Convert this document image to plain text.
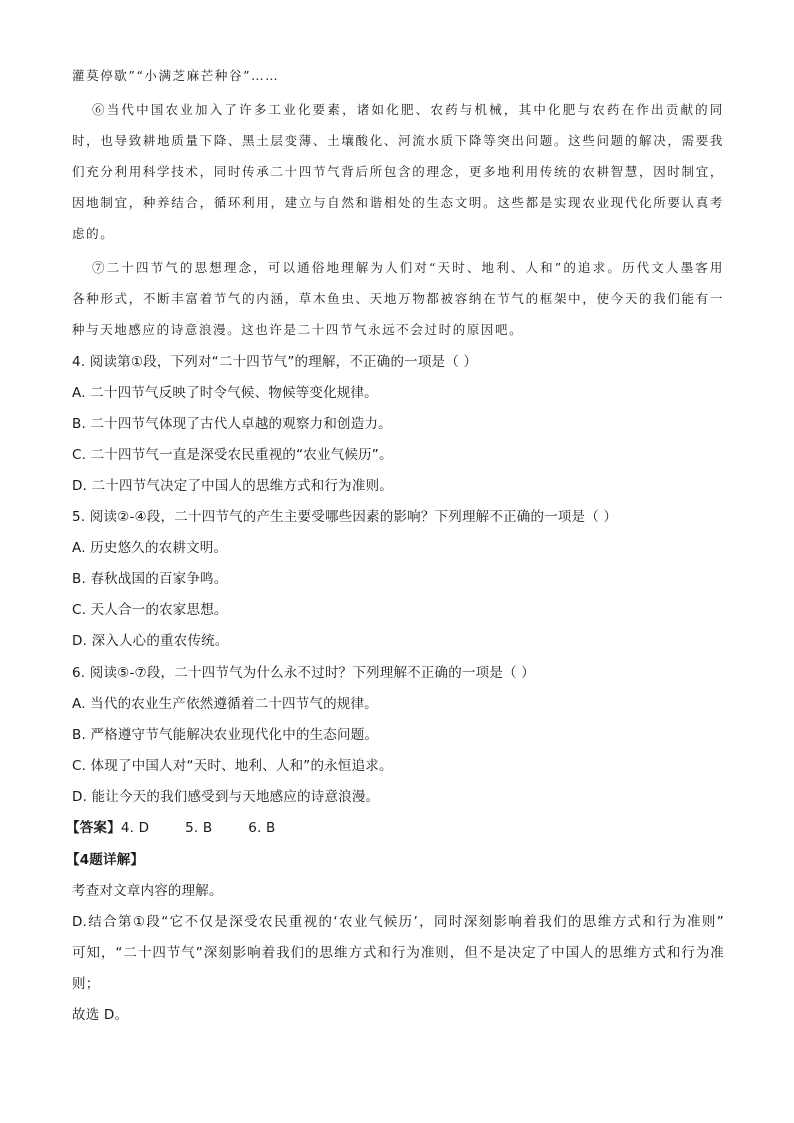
灌莫停歇”“小满芝麻芒种谷”……
⑥当代中国农业加入了许多工业化要素，诸如化肥、农药与机械，其中化肥与农药在作出贡献的同
时，也导致耕地质量下降、黑土层变薄、土壤酸化、河流水质下降等突出问题。这些问题的解决，需要我
们充分利用科学技术，同时传承二十四节气背后所包含的理念，更多地利用传统的农耕智慧，因时制宜，
因地制宜，种养结合，循环利用，建立与自然和谐相处的生态文明。这些都是实现农业现代化所要认真考
虑的。
⑦二十四节气的思想理念，可以通俗地理解为人们对“天时、地利、人和”的追求。历代文人墨客用
各种形式，不断丰富着节气的内涵，草木鱼虫、天地万物都被容纳在节气的框架中，使今天的我们能有一
种与天地感应的诗意浪漫。这也许是二十四节气永远不会过时的原因吧。
4. 阅读第①段，下列对“二十四节气”的理解，不正确的一项是（ ）
A. 二十四节气反映了时令气候、物候等变化规律。
B. 二十四节气体现了古代人卓越的观察力和创造力。
C. 二十四节气一直是深受农民重视的“农业气候历”。
D. 二十四节气决定了中国人的思维方式和行为准则。
5. 阅读②-④段，二十四节气的产生主要受哪些因素的影响？下列理解不正确的一项是（ ）
A. 历史悠久的农耕文明。
B. 春秋战国的百家争鸣。
C. 天人合一的农家思想。
D. 深入人心的重农传统。
6. 阅读⑤-⑦段，二十四节气为什么永不过时？下列理解不正确的一项是（ ）
A. 当代的农业生产依然遵循着二十四节气的规律。
B. 严格遵守节气能解决农业现代化中的生态问题。
C. 体现了中国人对“天时、地利、人和”的永恒追求。
D. 能让今天的我们感受到与天地感应的诗意浪漫。
【答案】4. D        5. B        6. B
【4题详解】
考查对文章内容的理解。
D.结合第①段“它不仅是深受农民重视的‘农业气候历’，同时深刻影响着我们的思维方式和行为准则”
可知，“二十四节气”深刻影响着我们的思维方式和行为准则，但不是决定了中国人的思维方式和行为准
则；
故选 D。
